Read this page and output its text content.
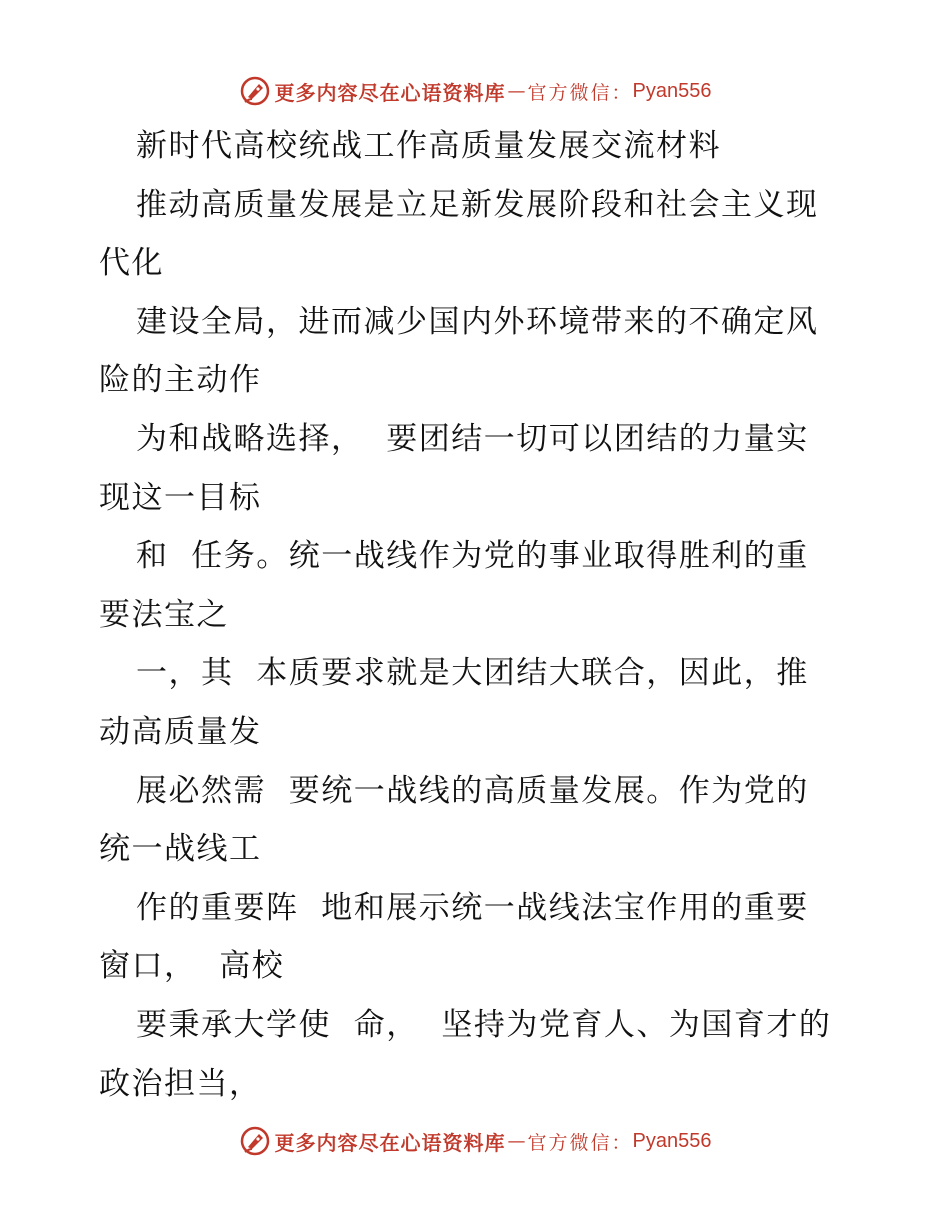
更多内容尽在心语资料库 — 官方微信： Pyan556
新时代高校统战工作高质量发展交流材料
推动高质量发展是立足新发展阶段和社会主义现
代化
建设全局，进而减少国内外环境带来的不确定风
险的主动作
为和战略选择，  要团结一切可以团结的力量实
现这一目标
和  任务。统一战线作为党的事业取得胜利的重
要法宝之
一，其  本质要求就是大团结大联合，因此，推
动高质量发
展必然需  要统一战线的高质量发展。作为党的
统一战线工
作的重要阵  地和展示统一战线法宝作用的重要
窗口，  高校
要秉承大学使  命，  坚持为党育人、为国育才的
政治担当，
更多内容尽在心语资料库 — 官方微信： Pyan556
